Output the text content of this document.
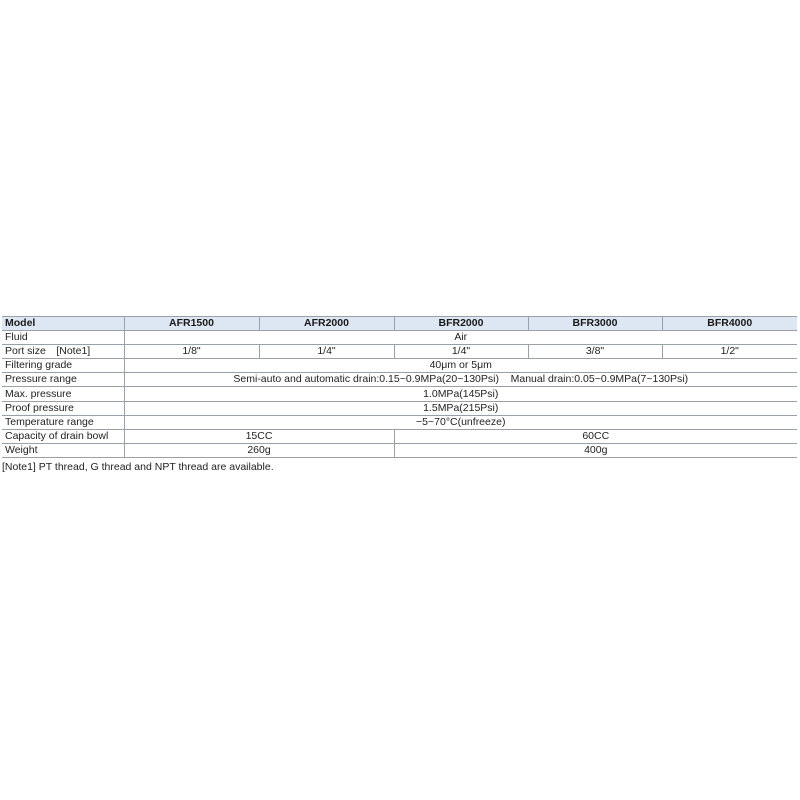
Model	AFR1500	AFR2000	BFR2000	BFR3000	BFR4000
Fluid	Air				
Port size　[Note1]	1/8"	1/4"	1/4"	3/8"	1/2"
Filtering grade	40μm or 5μm				
Pressure range	Semi-auto and automatic drain:0.15~0.9MPa(20~130Psi)    Manual drain:0.05~0.9MPa(7~130Psi)				
Max. pressure	1.0MPa(145Psi)				
Proof pressure	1.5MPa(215Psi)				
Temperature range	−5~70°C(unfreeze)				
Capacity of drain bowl	15CC		60CC		
Weight	260g		400g		
[Note1] PT thread, G thread and NPT thread are available.
